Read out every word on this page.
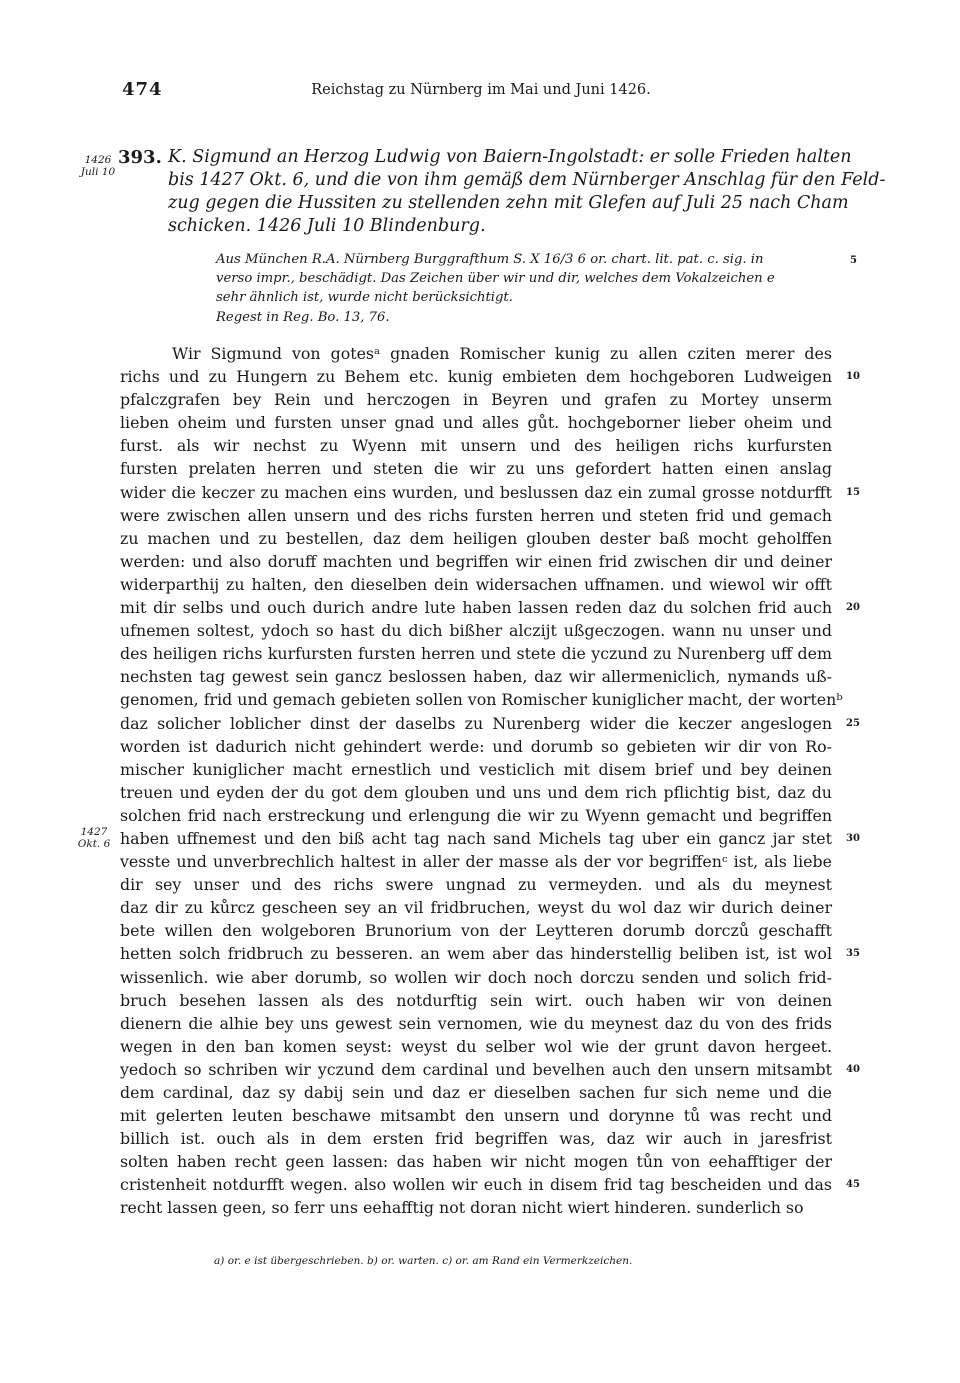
474	Reichstag zu Nürnberg im Mai und Juni 1426.
1426
Juli 10
393. K. Sigmund an Herzog Ludwig von Baiern-Ingolstadt: er solle Frieden halten
bis 1427 Okt. 6, und die von ihm gemäß dem Nürnberger Anschlag für den Feld-
zug gegen die Hussiten zu stellenden zehn mit Glefen auf Juli 25 nach Cham
schicken. 1426 Juli 10 Blindenburg.
Aus München R.A. Nürnberg Burggrafthum S. X 16/3 6 or. chart. lit. pat. c. sig. in
verso impr., beschädigt. Das Zeichen über wir und dir, welches dem Vokalzeichen e
sehr ähnlich ist, wurde nicht berücksichtigt.
Regest in Reg. Bo. 13, 76.
5
10
15
20
25
30
35
40
45
1427
Okt. 6
Wir Sigmund von gotesᵃ gnaden Romischer kunig zu allen cziten merer des
richs und zu Hungern zu Behem etc. kunig embieten dem hochgeboren Ludweigen
pfalczgrafen bey Rein und herczogen in Beyren und grafen zu Mortey unserm
lieben oheim und fursten unser gnad und alles gůt. hochgeborner lieber oheim und
furst. als wir nechst zu Wyenn mit unsern und des heiligen richs kurfursten
fursten prelaten herren und steten die wir zu uns gefordert hatten einen anslag
wider die keczer zu machen eins wurden, und beslussen daz ein zumal grosse notdurfft
were zwischen allen unsern und des richs fursten herren und steten frid und gemach
zu machen und zu bestellen, daz dem heiligen glouben dester baß mocht geholffen
werden: und also doruff machten und begriffen wir einen frid zwischen dir und deiner
widerparthij zu halten, den dieselben dein widersachen uffnamen. und wiewol wir offt
mit dir selbs und ouch durich andre lute haben lassen reden daz du solchen frid auch
ufnemen soltest, ydoch so hast du dich bißher alczijt ußgeczogen. wann nu unser und
des heiligen richs kurfursten fursten herren und stete die yczund zu Nurenberg uff dem
nechsten tag gewest sein gancz beslossen haben, daz wir allermeniclich, nymands uß-
genomen, frid und gemach gebieten sollen von Romischer kuniglicher macht, der wortenᵇ
daz solicher loblicher dinst der daselbs zu Nurenberg wider die keczer angeslogen
worden ist dadurich nicht gehindert werde: und dorumb so gebieten wir dir von Ro-
mischer kuniglicher macht ernestlich und vesticlich mit disem brief und bey deinen
treuen und eyden der du got dem glouben und uns und dem rich pflichtig bist, daz du
solchen frid nach erstreckung und erlengung die wir zu Wyenn gemacht und begriffen
haben uffnemest und den biß acht tag nach sand Michels tag uber ein gancz jar stet
vesste und unverbrechlich haltest in aller der masse als der vor begriffenᶜ ist, als liebe
dir sey unser und des richs swere ungnad zu vermeyden. und als du meynest
daz dir zu kůrcz gescheen sey an vil fridbruchen, weyst du wol daz wir durich deiner
bete willen den wolgeboren Brunorium von der Leytteren dorumb dorczů geschafft
hetten solch fridbruch zu besseren. an wem aber das hinderstellig beliben ist, ist wol
wissenlich. wie aber dorumb, so wollen wir doch noch dorczu senden und solich frid-
bruch besehen lassen als des notdurftig sein wirt. ouch haben wir von deinen
dienern die alhie bey uns gewest sein vernomen, wie du meynest daz du von des frids
wegen in den ban komen seyst: weyst du selber wol wie der grunt davon hergeet.
yedoch so schriben wir yczund dem cardinal und bevelhen auch den unsern mitsambt
dem cardinal, daz sy dabij sein und daz er dieselben sachen fur sich neme und die
mit gelerten leuten beschawe mitsambt den unsern und dorynne tů was recht und
billich ist. ouch als in dem ersten frid begriffen was, daz wir auch in jaresfrist
solten haben recht geen lassen: das haben wir nicht mogen tůn von eehafftiger der
cristenheit notdurfft wegen. also wollen wir euch in disem frid tag bescheiden und das
recht lassen geen, so ferr uns eehafftig not doran nicht wiert hinderen. sunderlich so
a) or. e ist übergeschrieben. b) or. warten. c) or. am Rand ein Vermerkzeichen.
